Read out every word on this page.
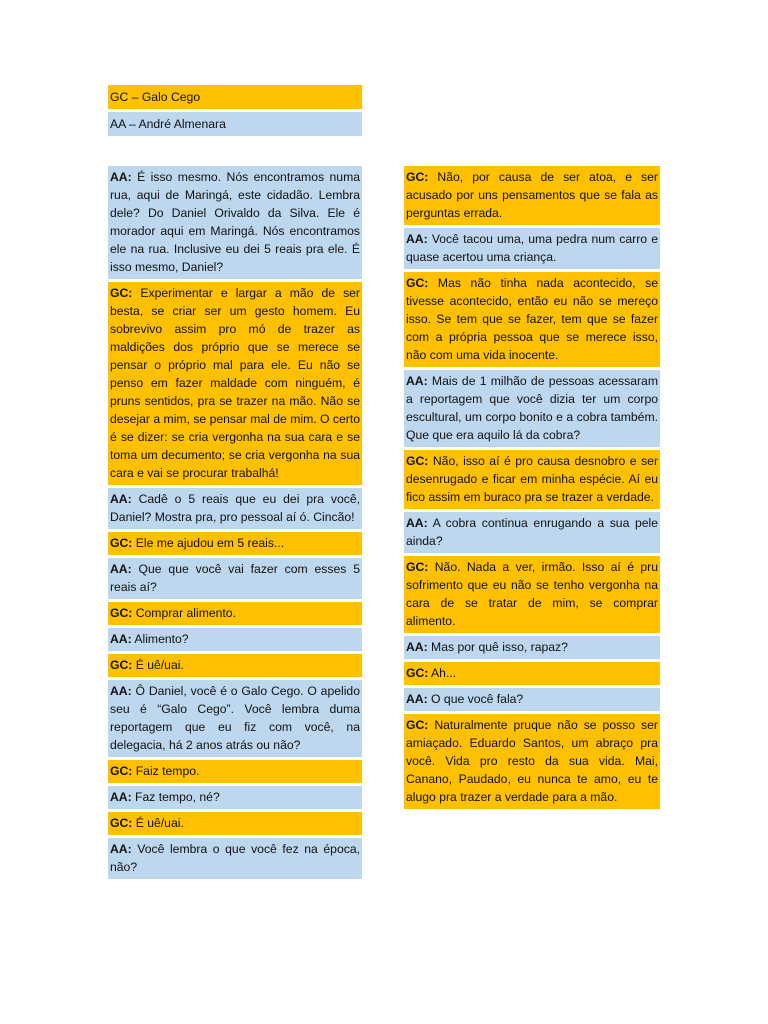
GC – Galo Cego
AA – André Almenara
AA: É isso mesmo. Nós encontramos numa rua, aqui de Maringá, este cidadão. Lembra dele? Do Daniel Orivaldo da Silva. Ele é morador aqui em Maringá. Nós encontramos ele na rua. Inclusive eu dei 5 reais pra ele. É isso mesmo, Daniel?
GC: Experimentar e largar a mão de ser besta, se criar ser um gesto homem. Eu sobrevivo assim pro mó de trazer as maldições dos próprio que se merece se pensar o próprio mal para ele. Eu não se penso em fazer maldade com ninguém, é pruns sentidos, pra se trazer na mão. Não se desejar a mim, se pensar mal de mim. O certo é se dizer: se cria vergonha na sua cara e se toma um decumento; se cria vergonha na sua cara e vai se procurar trabalhá!
AA: Cadê o 5 reais que eu dei pra você, Daniel? Mostra pra, pro pessoal aí ó. Cincão!
GC: Ele me ajudou em 5 reais...
AA: Que que você vai fazer com esses 5 reais aí?
GC: Comprar alimento.
AA: Alimento?
GC: É uê/uai.
AA: Ô Daniel, você é o Galo Cego. O apelido seu é “Galo Cego”. Você lembra duma reportagem que eu fiz com você, na delegacia, há 2 anos atrás ou não?
GC: Faiz tempo.
AA: Faz tempo, né?
GC: É uê/uai.
AA: Você lembra o que você fez na época, não?
GC: Não, por causa de ser atoa, e ser acusado por uns pensamentos que se fala as perguntas errada.
AA: Você tacou uma, uma pedra num carro e quase acertou uma criança.
GC: Mas não tinha nada acontecido, se tivesse acontecido, então eu não se mereço isso. Se tem que se fazer, tem que se fazer com a própria pessoa que se merece isso, não com uma vida inocente.
AA: Mais de 1 milhão de pessoas acessaram a reportagem que você dizia ter um corpo escultural, um corpo bonito e a cobra também. Que que era aquilo lá da cobra?
GC: Não, isso aí é pro causa desnobro e ser desenrugado e ficar em minha espécie. Aí eu fico assim em buraco pra se trazer a verdade.
AA: A cobra continua enrugando a sua pele ainda?
GC: Não. Nada a ver, irmão. Isso aí é pru sofrimento que eu não se tenho vergonha na cara de se tratar de mim, se comprar alimento.
AA: Mas por quê isso, rapaz?
GC: Ah...
AA: O que você fala?
GC: Naturalmente pruque não se posso ser amiaçado. Eduardo Santos, um abraço pra você. Vida pro resto da sua vida. Mai, Canano, Paudado, eu nunca te amo, eu te alugo pra trazer a verdade para a mão.
